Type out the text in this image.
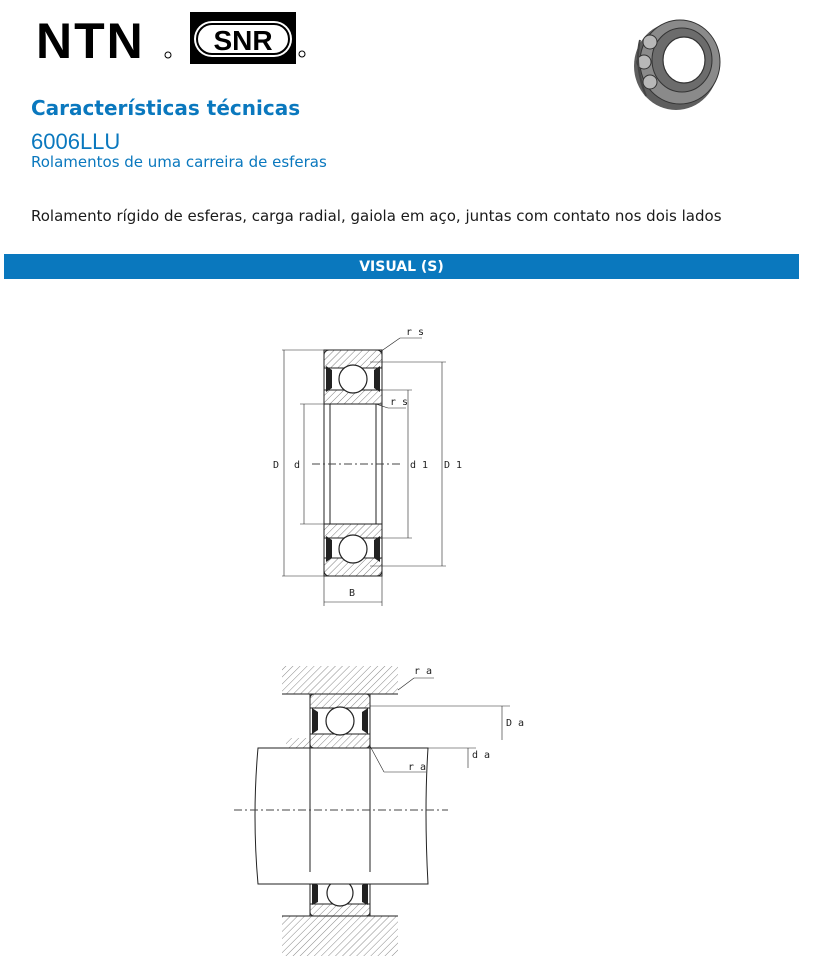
NTN SNR
Características técnicas
6006LLU
Rolamentos de uma carreira de esferas
Rolamento rígido de esferas, carga radial, gaiola em aço, juntas com contato nos dois lados
VISUAL (S)
r s
r s
D d	d 1 D 1
B
r a
D a
d a
r a
